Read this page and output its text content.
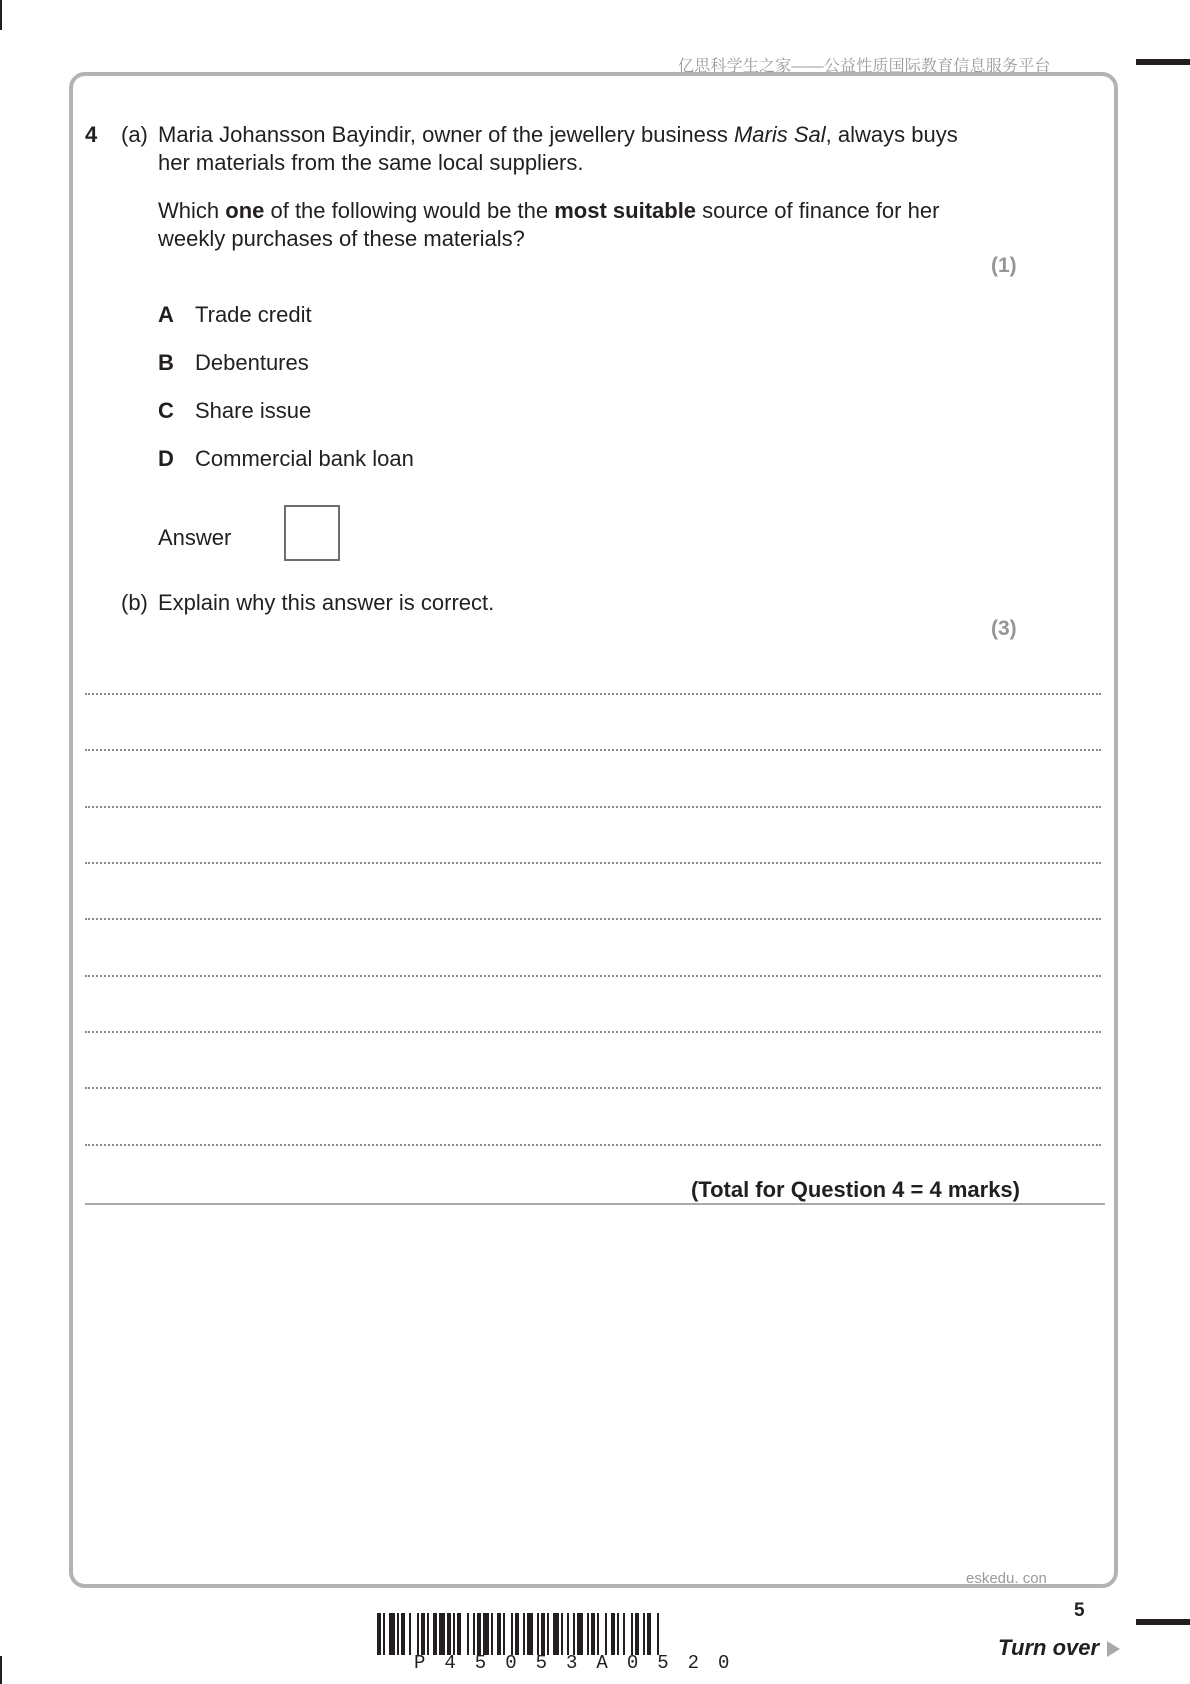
亿思科学生之家——公益性质国际教育信息服务平台
4 (a) Maria Johansson Bayindir, owner of the jewellery business Maris Sal, always buys
her materials from the same local suppliers.
Which one of the following would be the most suitable source of finance for her
weekly purchases of these materials?
(1)
A Trade credit
B Debentures
C Share issue
D Commercial bank loan
Answer
(b) Explain why this answer is correct.
(3)
(Total for Question 4 = 4 marks)
eskedu. con
5
Turn over
P45053A0520
